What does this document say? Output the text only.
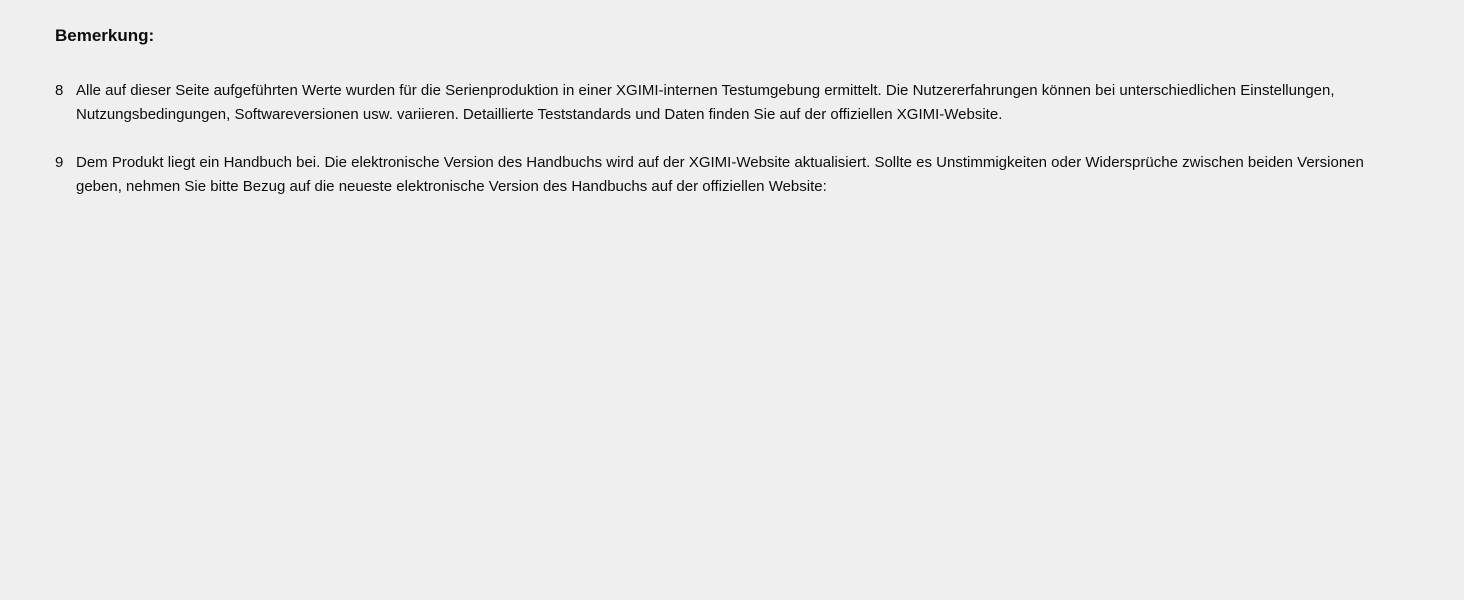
Bemerkung:
8 Alle auf dieser Seite aufgeführten Werte wurden für die Serienproduktion in einer XGIMI-internen Testumgebung ermittelt. Die Nutzererfahrungen können bei unterschiedlichen Einstellungen, Nutzungsbedingungen, Softwareversionen usw. variieren. Detaillierte Teststandards und Daten finden Sie auf der offiziellen XGIMI-Website.

9 Dem Produkt liegt ein Handbuch bei. Die elektronische Version des Handbuchs wird auf der XGIMI-Website aktualisiert. Sollte es Unstimmigkeiten oder Widersprüche zwischen beiden Versionen geben, nehmen Sie bitte Bezug auf die neueste elektronische Version des Handbuchs auf der offiziellen Website:
